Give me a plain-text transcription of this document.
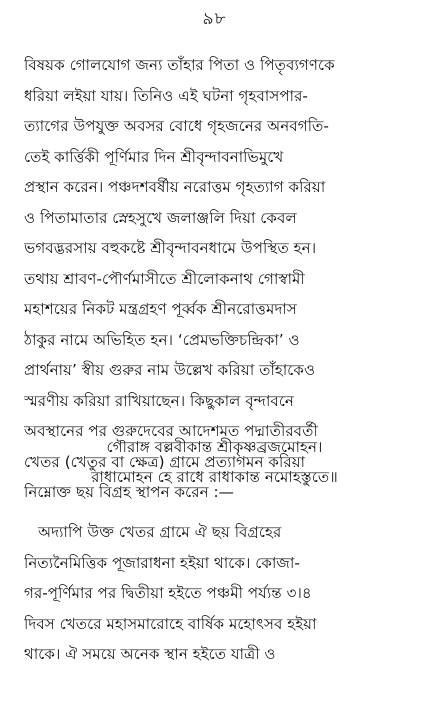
৯৮
বিষয়ক গোলযোগ জন্য তাঁহার পিতা ও পিতৃব্যগণকে
ধরিয়া লইয়া যায়। তিনিও এই ঘটনা গৃহবাসপার-
ত্যাগের উপযুক্ত অবসর বোধে গৃহজনের অনবগতি-
তেই কার্ত্তিকী পূর্ণিমার দিন শ্রীবৃন্দাবনাভিমুখে
প্রস্থান করেন। পঞ্চদশবর্ষীয় নরোত্তম গৃহত্যাগ করিয়া
ও পিতামাতার স্নেহসুখে জলাঞ্জলি দিয়া কেবল
ভগবদ্ভরসায় বহুকষ্টে শ্রীবৃন্দাবনধামে উপস্থিত হন।
তথায় শ্রাবণ-পৌর্ণমাসীতে শ্রীলোকনাথ গোস্বামী
মহাশয়ের নিকট মন্ত্রগ্রহণ পূর্ব্বক শ্রীনরোত্তমদাস
ঠাকুর নামে অভিহিত হন। ‘প্রেমভক্তিচন্দ্রিকা’ ও
প্রার্থনায়’ স্বীয় গুরুর নাম উল্লেখ করিয়া তাঁহাকেও
স্মরণীয় করিয়া রাখিয়াছেন। কিছুকাল বৃন্দাবনে
অবস্থানের পর গুরুদেবের আদেশমত পদ্মাতীরবর্তী
খেতর (খেতুর বা ক্ষেত্র) গ্রামে প্রত্যাগমন করিয়া
নিম্নোক্ত ছয় বিগ্রহ স্থাপন করেন :—
গৌরাঙ্গ বল্লবীকান্ত শ্রীকৃষ্ণব্রজমোহন।
রাধামোহন হে রাধে রাধাকান্ত নমোহস্তুতে॥
অদ্যাপি উক্ত খেতর গ্রামে ঐ ছয় বিগ্রহের
নিত্যনৈমিত্তিক পূজারাধনা হইয়া থাকে। কোজা-
গর-পূর্ণিমার পর দ্বিতীয়া হইতে পঞ্চমী পর্য্যন্ত ৩।৪
দিবস খেতরে মহাসমারোহে বার্ষিক মহোৎসব হইয়া
থাকে। ঐ সময়ে অনেক স্থান হইতে যাত্রী ও
